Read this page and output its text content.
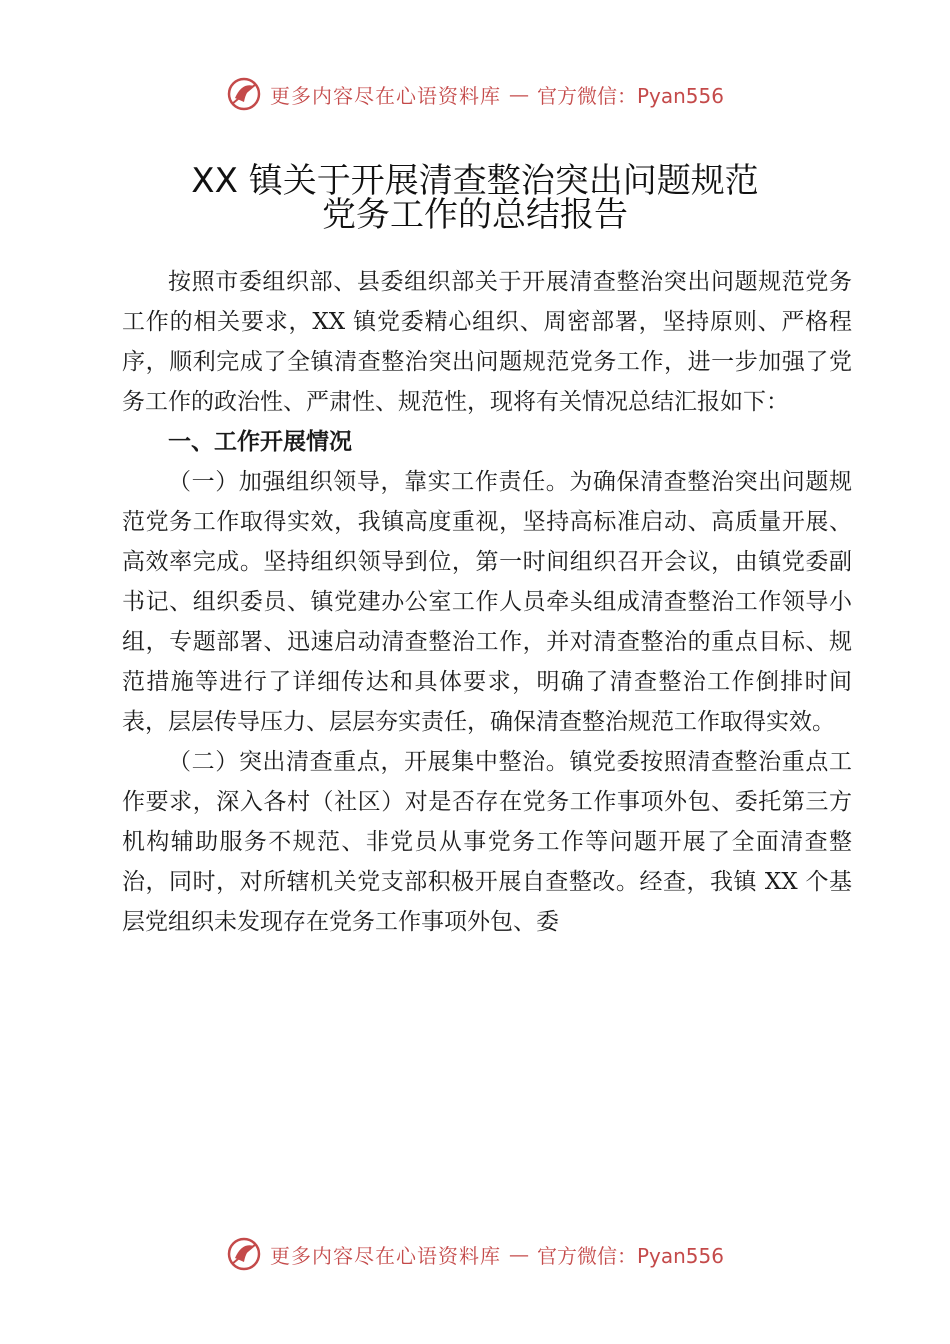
更多内容尽在心语资料库 — 官方微信：Pyan556
XX 镇关于开展清查整治突出问题规范
党务工作的总结报告

按照市委组织部、县委组织部关于开展清查整治突出问题规范党务工作的相关要求，XX 镇党委精心组织、周密部署，坚持原则、严格程序，顺利完成了全镇清查整治突出问题规范党务工作，进一步加强了党务工作的政治性、严肃性、规范性，现将有关情况总结汇报如下：

一、工作开展情况

（一）加强组织领导，靠实工作责任。为确保清查整治突出问题规范党务工作取得实效，我镇高度重视，坚持高标准启动、高质量开展、高效率完成。坚持组织领导到位，第一时间组织召开会议，由镇党委副书记、组织委员、镇党建办公室工作人员牵头组成清查整治工作领导小组，专题部署、迅速启动清查整治工作，并对清查整治的重点目标、规范措施等进行了详细传达和具体要求，明确了清查整治工作倒排时间表，层层传导压力、层层夯实责任，确保清查整治规范工作取得实效。

（二）突出清查重点，开展集中整治。镇党委按照清查整治重点工作要求，深入各村（社区）对是否存在党务工作事项外包、委托第三方机构辅助服务不规范、非党员从事党务工作等问题开展了全面清查整治，同时，对所辖机关党支部积极开展自查整改。经查，我镇 XX 个基层党组织未发现存在党务工作事项外包、委

更多内容尽在心语资料库 — 官方微信：Pyan556
